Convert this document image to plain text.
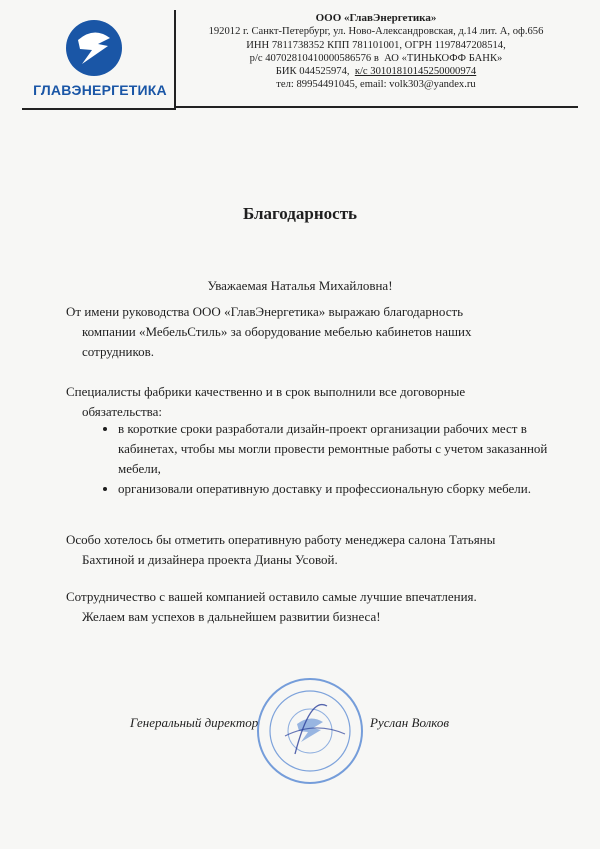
ГЛАВЭНЕРГЕТИКА
ООО «ГлавЭнергетика»
192012 г. Санкт-Петербург, ул. Ново-Александровская, д.14 лит. А, оф.656
ИНН 7811738352 КПП 781101001, ОГРН 1197847208514,
р/с 40702810410000586576 в АО «ТИНЬКОФФ БАНК»
БИК 044525974, к/с 30101810145250000974
тел: 89954491045, email: volk303@yandex.ru
Благодарность
Уважаемая Наталья Михайловна!
От имени руководства ООО «ГлавЭнергетика» выражаю благодарность
компании «МебельСтиль» за оборудование мебелью кабинетов наших
сотрудников.
Специалисты фабрики качественно и в срок выполнили все договорные
обязательства:
• в короткие сроки разработали дизайн-проект организации рабочих мест в кабинетах, чтобы мы могли провести ремонтные работы с учетом заказанной мебели,
• организовали оперативную доставку и профессиональную сборку мебели.
Особо хотелось бы отметить оперативную работу менеджера салона Татьяны
Бахтиной и дизайнера проекта Дианы Усовой.
Сотрудничество с вашей компанией оставило самые лучшие впечатления.
Желаем вам успехов в дальнейшем развитии бизнеса!
Генеральный директор	Руслан Волков
